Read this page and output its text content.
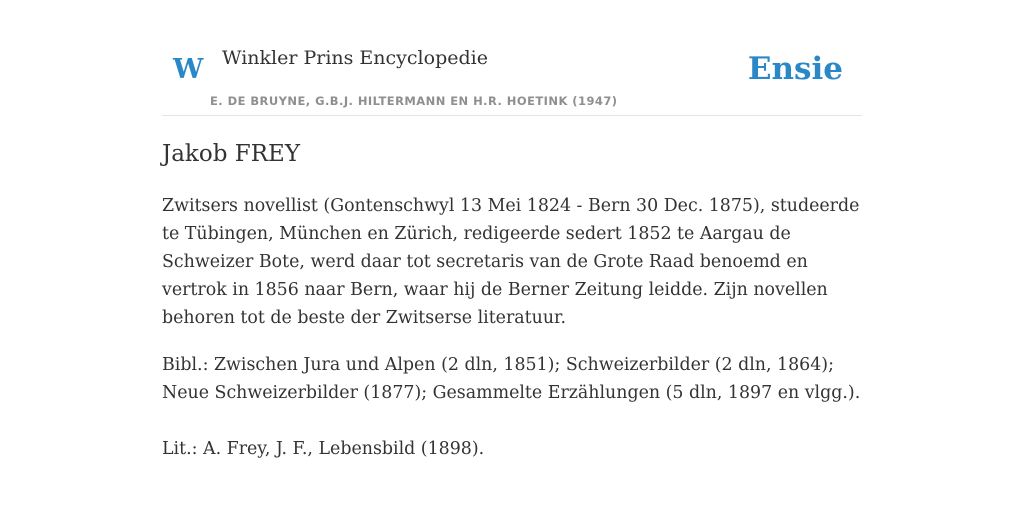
W Winkler Prins Encyclopedie
E. DE BRUYNE, G.B.J. HILTERMANN EN H.R. HOETINK (1947)
Ensie
Jakob FREY

Zwitsers novellist (Gontenschwyl 13 Mei 1824 - Bern 30 Dec. 1875), studeerde te Tübingen, München en Zürich, redigeerde sedert 1852 te Aargau de Schweizer Bote, werd daar tot secretaris van de Grote Raad benoemd en vertrok in 1856 naar Bern, waar hij de Berner Zeitung leidde. Zijn novellen behoren tot de beste der Zwitserse literatuur.

Bibl.: Zwischen Jura und Alpen (2 dln, 1851); Schweizerbilder (2 dln, 1864); Neue Schweizerbilder (1877); Gesammelte Erzählungen (5 dln, 1897 en vlgg.).

Lit.: A. Frey, J. F., Lebensbild (1898).
